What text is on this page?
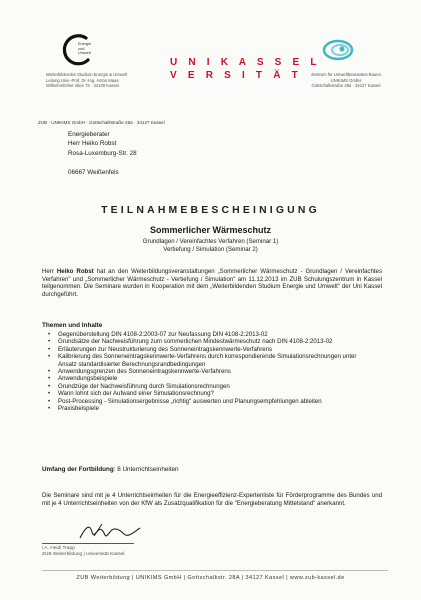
Energie
und
Umwelt
U N I K A S S E L
V E R S I T Ä T
Weiterbildendes Studium Energie & Umwelt
Leitung Univ.-Prof. Dr.-Ing. Anton Maas
Wilhelmshöher Allee 73 · 34109 Kassel
Zentrum für Umweltbewusstes Bauen
UNIKIMS GmbH
Gottschalkstraße 28a · 34127 Kassel
ZUB · UNIKIMS GmbH · Gottschalkstraße 28a · 34127 Kassel
Energieberater
Herr Heiko Robst
Rosa-Luxemburg-Str. 28
06667 Weißenfels
TEILNAHMEBESCHEINIGUNG
Sommerlicher Wärmeschutz
Grundlagen / Vereinfachtes Verfahren (Seminar 1)
Vertiefung / Simulation (Seminar 2)
Herr Heiko Robst hat an den Weiterbildungsveranstaltungen „Sommerlicher Wärmeschutz - Grundlagen / Vereinfachtes Verfahren" und „Sommerlicher Wärmeschutz - Vertiefung / Simulation" am 11.12.2013 im ZUB Schulungszentrum in Kassel teilgenommen. Die Seminare wurden in Kooperation mit dem „Weiterbildenden Studium Energie und Umwelt" der Uni Kassel durchgeführt.
Themen und Inhalte
• Gegenüberstellung DIN 4108-2:2003-07 zur Neufassung DIN 4108-2:2013-02
• Grundsätze der Nachweisführung zum sommerlichen Mindestwärmeschutz nach DIN 4108-2:2013-02
• Erläuterungen zur Neustrukturierung des Sonneneintragskennwerte-Verfahrens
• Kalibrierung des Sonneneintragskennwerte-Verfahrens durch korrespondierende Simulationsrechnungen unter Ansatz standardisierter Berechnungsrandbedingungen
• Anwendungsgrenzen des Sonneneintragskennwerte-Verfahrens
• Anwendungsbeispiele
• Grundzüge der Nachweisführung durch Simulationsrechnungen
• Wann lohnt sich der Aufwand einer Simulationsrechnung?
• Post-Processing - Simulationsergebnisse „richtig" auswerten und Planungsempfehlungen ableiten
• Praxisbeispiele
Umfang der Fortbildung: 8 Unterrichtseinheiten
Die Seminare sind mit je 4 Unterrichtseinheiten für die Energieeffizienz-Expertenliste für Förderprogramme des Bundes und mit je 4 Unterrichtseinheiten von der KfW als Zusatzqualifikation für die "Energieberatung Mittelstand" anerkannt.
i.A. Heidi Trapp
ZUB Weiterbildung | Universität Kassel
ZUB Weiterbildung | UNIKIMS GmbH | Gottschalkstr. 28A | 34127 Kassel | www.zub-kassel.de
